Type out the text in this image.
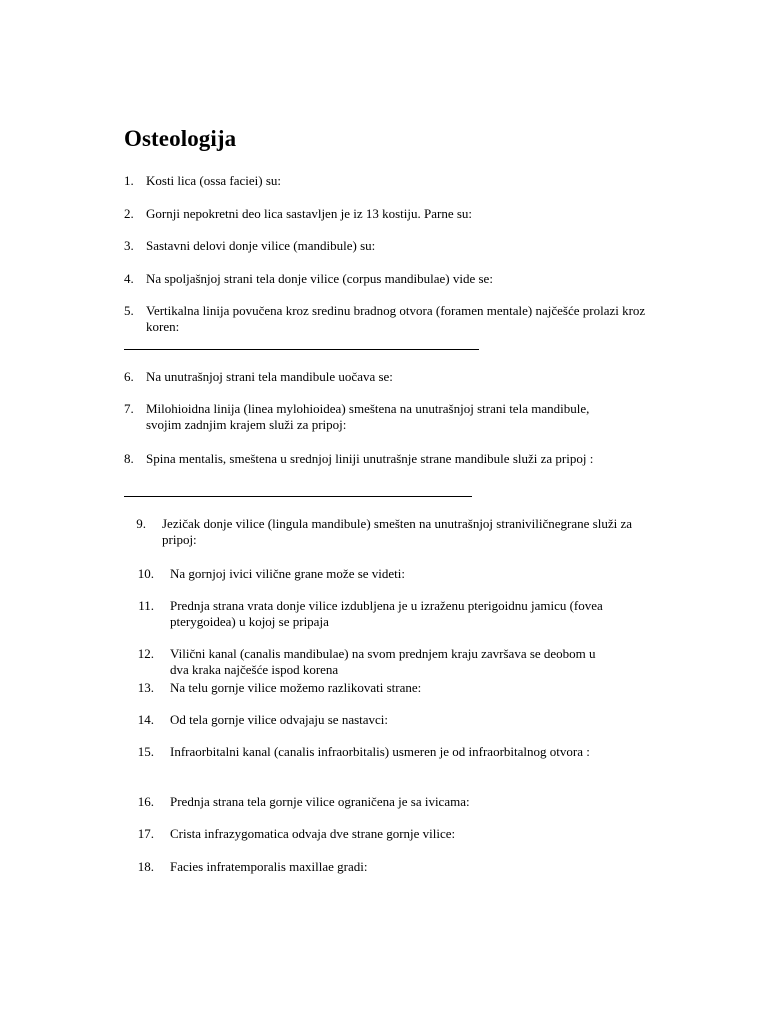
Osteologija
1. Kosti lica (ossa faciei) su:
2. Gornji nepokretni deo lica sastavljen je iz 13 kostiju. Parne su:
3. Sastavni delovi donje vilice (mandibule) su:
4. Na spoljašnjoj strani tela donje vilice (corpus mandibulae) vide se:
5. Vertikalna linija povučena kroz sredinu bradnog otvora (foramen mentale) najčešće prolazi kroz koren:
6. Na unutrašnjoj strani tela mandibule uočava se:
7. Milohioidna linija (linea mylohioidea) smeštena na unutrašnjoj strani tela mandibule, svojim zadnjim krajem služi za pripoj:
8. Spina mentalis, smeštena u srednjoj liniji unutrašnje strane mandibule služi za pripoj :
9. Jezičak donje vilice (lingula mandibule) smešten na unutrašnjoj straniviličnegrane služi za pripoj:
10. Na gornjoj ivici vilične grane može se videti:
11. Prednja strana vrata donje vilice izdubljena je u izraženu pterigoidnu jamicu (fovea pterygoidea) u kojoj se pripaja
12. Vilični kanal (canalis mandibulae) na svom prednjem kraju završava se deobom u dva kraka najčešće ispod korena
13. Na telu gornje vilice možemo razlikovati strane:
14. Od tela gornje vilice odvajaju se nastavci:
15. Infraorbitalni kanal (canalis infraorbitalis) usmeren je od infraorbitalnog otvora :
16. Prednja strana tela gornje vilice ograničena je sa ivicama:
17. Crista infrazygomatica odvaja dve strane gornje vilice:
18. Facies infratemporalis maxillae gradi:
